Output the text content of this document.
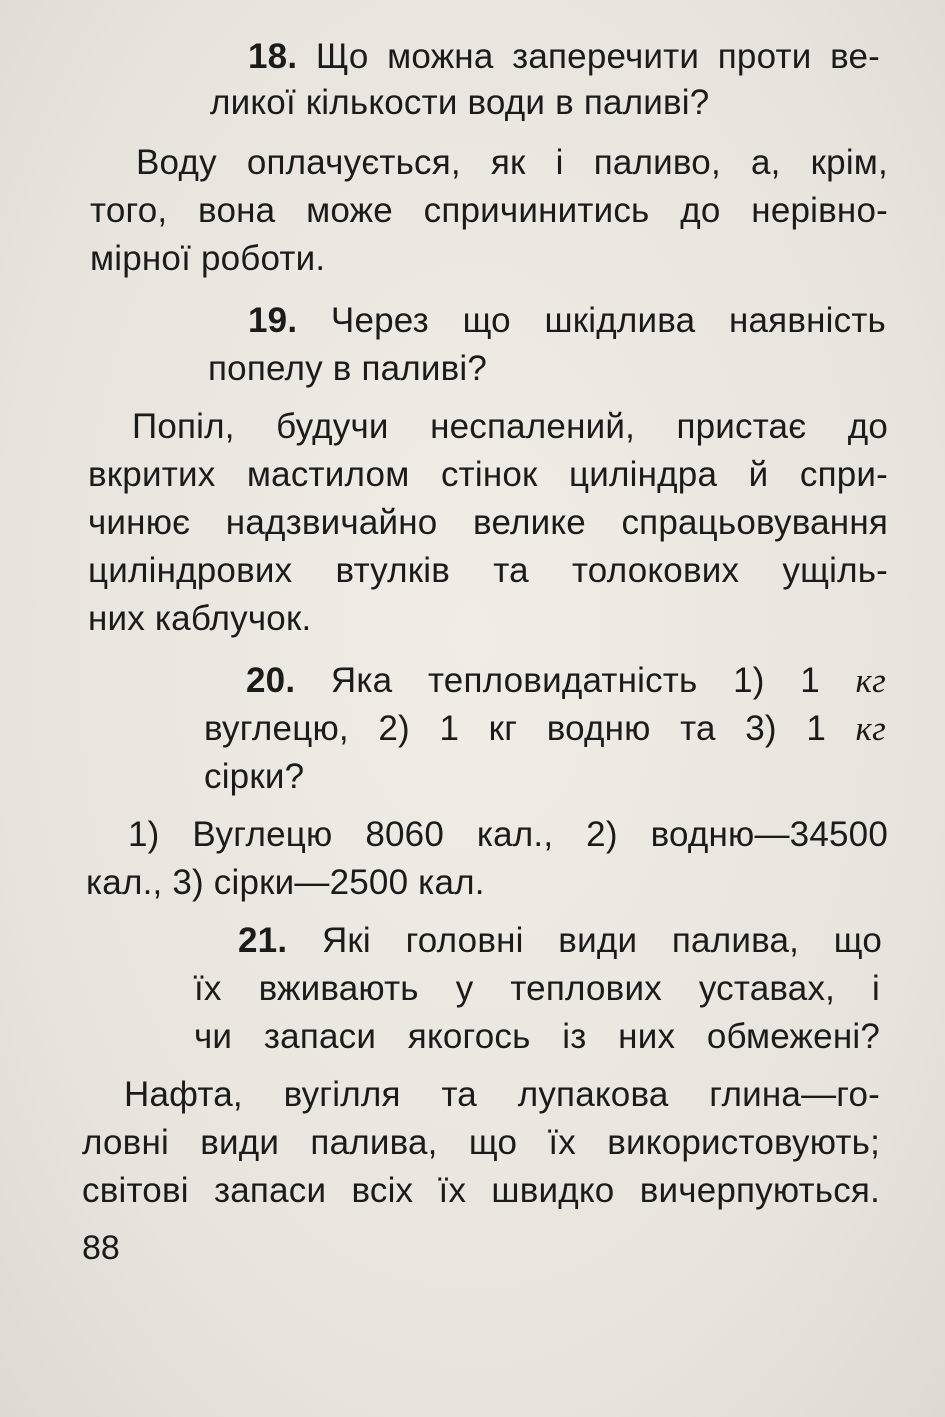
18. Що можна заперечити проти ве-
ликої кількости води в паливі?
Воду оплачується, як і паливо, а, крім,
того, вона може спричинитись до нерівно-
мірної роботи.
19. Через що шкідлива наявність
попелу в паливі?
Попіл, будучи неспалений, пристає до
вкритих мастилом стінок циліндра й спри-
чинює надзвичайно велике спрацьовування
циліндрових втулків та толокових ущіль-
них каблучок.
20. Яка тепловидатність 1) 1 кг
вуглецю, 2) 1 кг водню та 3) 1 кг
сірки?
1) Вуглецю 8060 кал., 2) водню—34500
кал., 3) сірки—2500 кал.
21. Які головні види палива, що
їх вживають у теплових уставах, і
чи запаси якогось із них обмежені?
Нафта, вугілля та лупакова глина—го-
ловні види палива, що їх використовують;
світові запаси всіх їх швидко вичерпуються.
88
